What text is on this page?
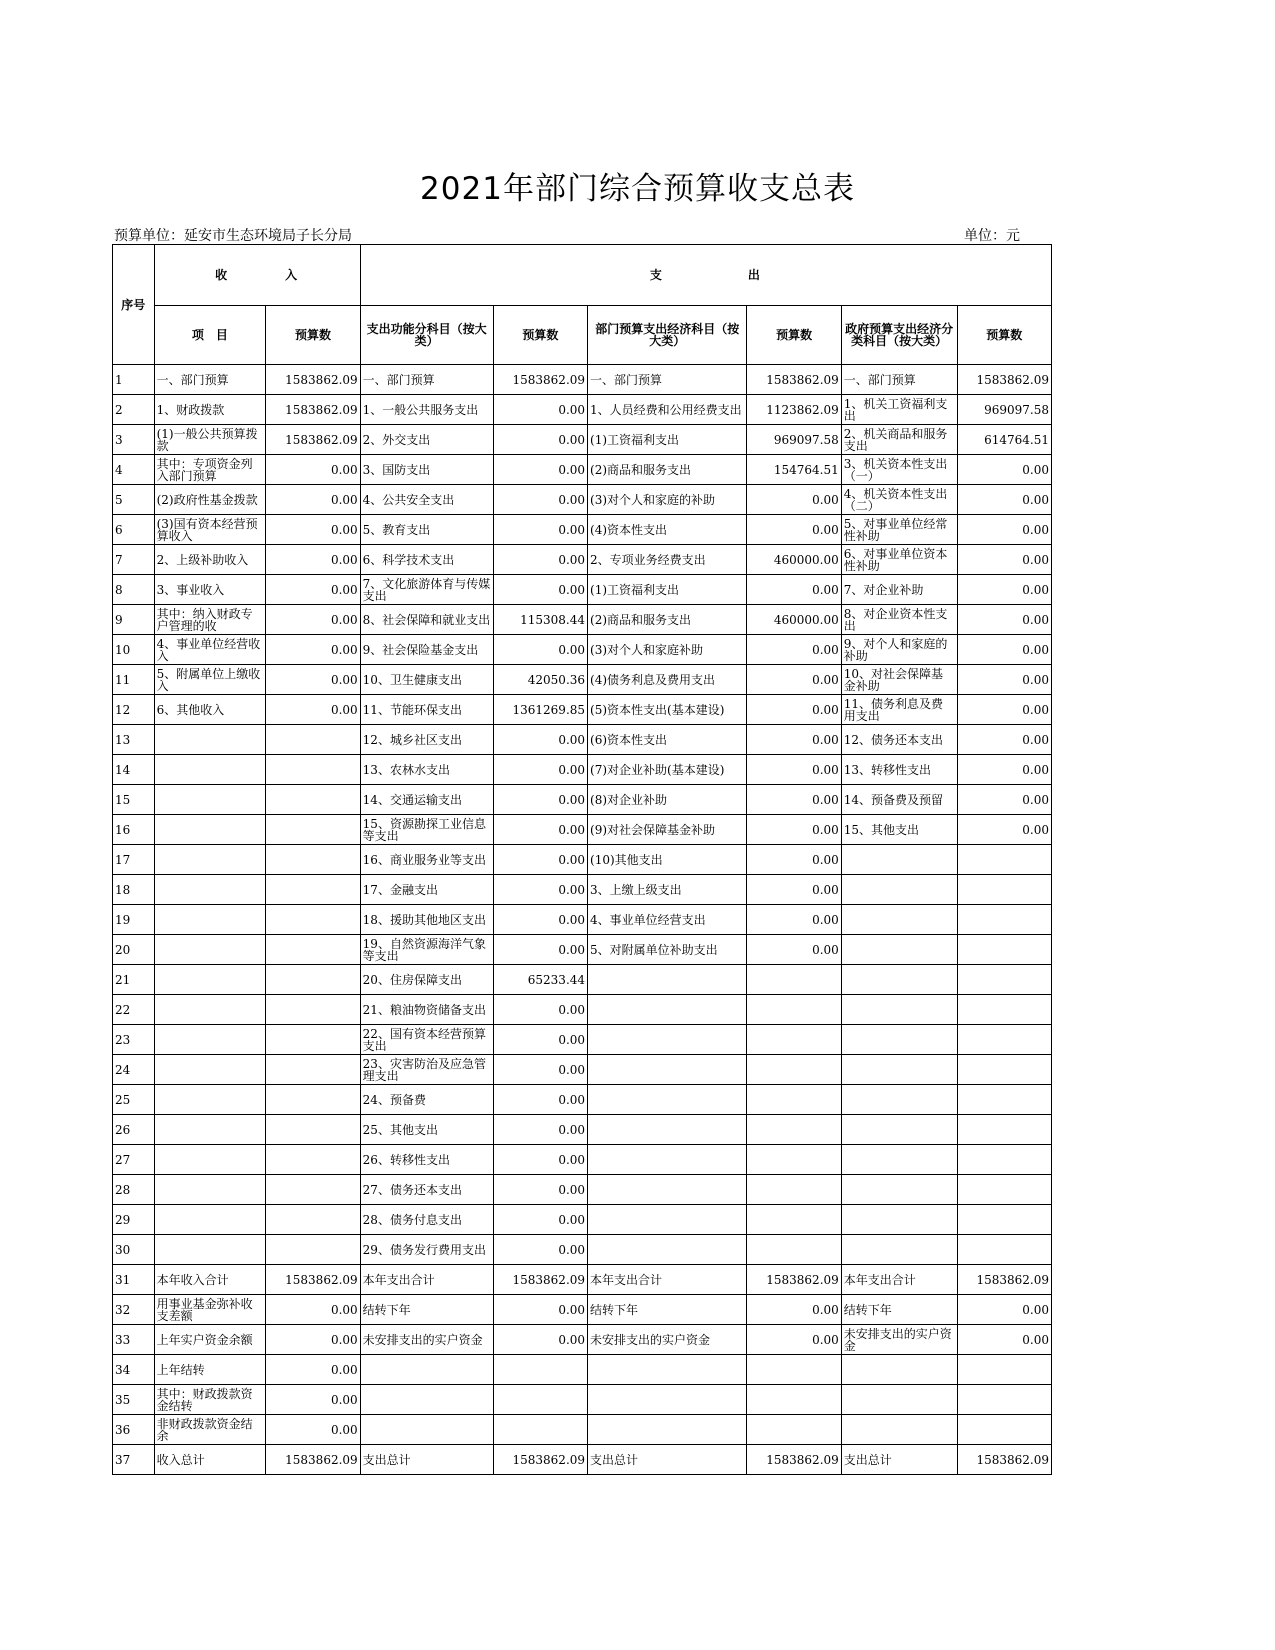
2021年部门综合预算收支总表
预算单位：延安市生态环境局子长分局	单位：元
序号	收　　　　入		支　　　　　　出					
	项　目	预算数	支出功能分科目（按大类）	预算数	部门预算支出经济科目（按大类）	预算数	政府预算支出经济分类科目（按大类）	预算数
1	一、部门预算	1583862.09	一、部门预算	1583862.09	一、部门预算	1583862.09	一、部门预算	1583862.09
2	1、财政拨款	1583862.09	1、一般公共服务支出	0.00	1、人员经费和公用经费支出	1123862.09	1、机关工资福利支出	969097.58
3	(1)一般公共预算拨款	1583862.09	2、外交支出	0.00	(1)工资福利支出	969097.58	2、机关商品和服务支出	614764.51
4	其中：专项资金列入部门预算	0.00	3、国防支出	0.00	(2)商品和服务支出	154764.51	3、机关资本性支出（一）	0.00
5	(2)政府性基金拨款	0.00	4、公共安全支出	0.00	(3)对个人和家庭的补助	0.00	4、机关资本性支出（二）	0.00
6	(3)国有资本经营预算收入	0.00	5、教育支出	0.00	(4)资本性支出	0.00	5、对事业单位经常性补助	0.00
7	2、上级补助收入	0.00	6、科学技术支出	0.00	2、专项业务经费支出	460000.00	6、对事业单位资本性补助	0.00
8	3、事业收入	0.00	7、文化旅游体育与传媒支出	0.00	(1)工资福利支出	0.00	7、对企业补助	0.00
9	其中：纳入财政专户管理的收	0.00	8、社会保障和就业支出	115308.44	(2)商品和服务支出	460000.00	8、对企业资本性支出	0.00
10	4、事业单位经营收入	0.00	9、社会保险基金支出	0.00	(3)对个人和家庭补助	0.00	9、对个人和家庭的补助	0.00
11	5、附属单位上缴收入	0.00	10、卫生健康支出	42050.36	(4)债务利息及费用支出	0.00	10、对社会保障基金补助	0.00
12	6、其他收入	0.00	11、节能环保支出	1361269.85	(5)资本性支出(基本建设)	0.00	11、债务利息及费用支出	0.00
13			12、城乡社区支出	0.00	(6)资本性支出	0.00	12、债务还本支出	0.00
14			13、农林水支出	0.00	(7)对企业补助(基本建设)	0.00	13、转移性支出	0.00
15			14、交通运输支出	0.00	(8)对企业补助	0.00	14、预备费及预留	0.00
16			15、资源勘探工业信息等支出	0.00	(9)对社会保障基金补助	0.00	15、其他支出	0.00
17			16、商业服务业等支出	0.00	(10)其他支出	0.00		
18			17、金融支出	0.00	3、上缴上级支出	0.00		
19			18、援助其他地区支出	0.00	4、事业单位经营支出	0.00		
20			19、自然资源海洋气象等支出	0.00	5、对附属单位补助支出	0.00		
21			20、住房保障支出	65233.44				
22			21、粮油物资储备支出	0.00				
23			22、国有资本经营预算支出	0.00				
24			23、灾害防治及应急管理支出	0.00				
25			24、预备费	0.00				
26			25、其他支出	0.00				
27			26、转移性支出	0.00				
28			27、债务还本支出	0.00				
29			28、债务付息支出	0.00				
30			29、债务发行费用支出	0.00				
31	本年收入合计	1583862.09	本年支出合计	1583862.09	本年支出合计	1583862.09	本年支出合计	1583862.09
32	用事业基金弥补收支差额	0.00	结转下年	0.00	结转下年	0.00	结转下年	0.00
33	上年实户资金余额	0.00	未安排支出的实户资金	0.00	未安排支出的实户资金	0.00	未安排支出的实户资金	0.00
34	上年结转	0.00						
35	其中：财政拨款资金结转	0.00						
36	非财政拨款资金结余	0.00						
37	收入总计	1583862.09	支出总计	1583862.09	支出总计	1583862.09	支出总计	1583862.09
